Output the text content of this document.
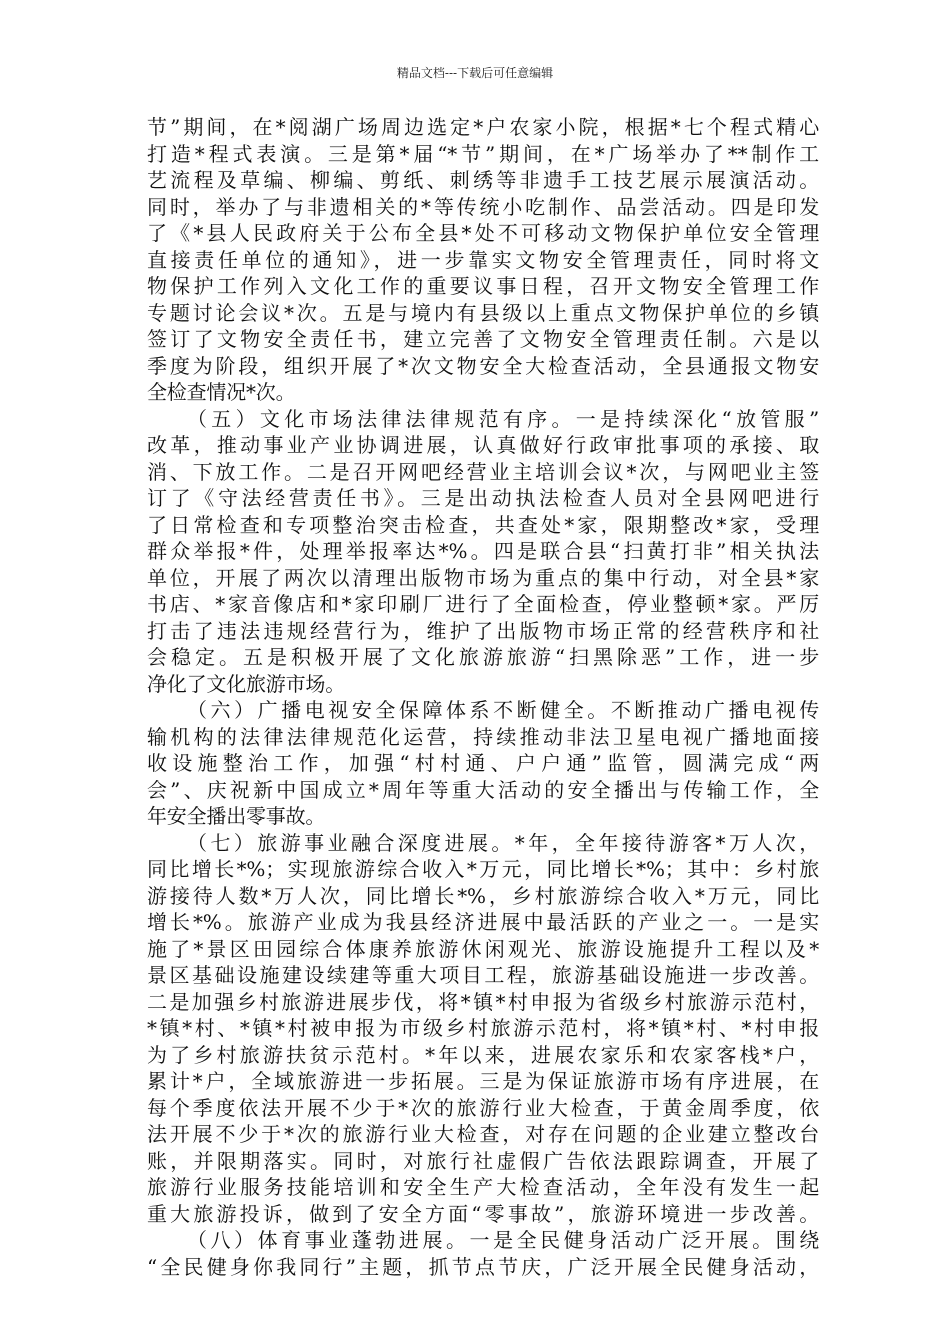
精品文档---下载后可任意编辑
节”期间，在*阅湖广场周边选定*户农家小院，根据*七个程式精心
打造*程式表演。三是第*届“*节”期间，在*广场举办了**制作工
艺流程及草编、柳编、剪纸、刺绣等非遗手工技艺展示展演活动。
同时，举办了与非遗相关的*等传统小吃制作、品尝活动。四是印发
了《*县人民政府关于公布全县*处不可移动文物保护单位安全管理
直接责任单位的通知》，进一步靠实文物安全管理责任，同时将文
物保护工作列入文化工作的重要议事日程，召开文物安全管理工作
专题讨论会议*次。五是与境内有县级以上重点文物保护单位的乡镇
签订了文物安全责任书，建立完善了文物安全管理责任制。六是以
季度为阶段，组织开展了*次文物安全大检查活动，全县通报文物安
全检查情况*次。
（五）文化市场法律法律规范有序。一是持续深化“放管服”
改革，推动事业产业协调进展，认真做好行政审批事项的承接、取
消、下放工作。二是召开网吧经营业主培训会议*次，与网吧业主签
订了《守法经营责任书》。三是出动执法检查人员对全县网吧进行
了日常检查和专项整治突击检查，共查处*家，限期整改*家，受理
群众举报*件，处理举报率达*%。四是联合县“扫黄打非”相关执法
单位，开展了两次以清理出版物市场为重点的集中行动，对全县*家
书店、*家音像店和*家印刷厂进行了全面检查，停业整顿*家。严厉
打击了违法违规经营行为，维护了出版物市场正常的经营秩序和社
会稳定。五是积极开展了文化旅游旅游“扫黑除恶”工作，进一步
净化了文化旅游市场。
（六）广播电视安全保障体系不断健全。不断推动广播电视传
输机构的法律法律规范化运营，持续推动非法卫星电视广播地面接
收设施整治工作，加强“村村通、户户通”监管，圆满完成“两
会”、庆祝新中国成立*周年等重大活动的安全播出与传输工作，全
年安全播出零事故。
（七）旅游事业融合深度进展。*年，全年接待游客*万人次，
同比增长*%；实现旅游综合收入*万元，同比增长*%；其中：乡村旅
游接待人数*万人次，同比增长*%，乡村旅游综合收入*万元，同比
增长*%。旅游产业成为我县经济进展中最活跃的产业之一。一是实
施了*景区田园综合体康养旅游休闲观光、旅游设施提升工程以及*
景区基础设施建设续建等重大项目工程，旅游基础设施进一步改善。
二是加强乡村旅游进展步伐，将*镇*村申报为省级乡村旅游示范村，
*镇*村、*镇*村被申报为市级乡村旅游示范村，将*镇*村、*村申报
为了乡村旅游扶贫示范村。*年以来，进展农家乐和农家客栈*户，
累计*户，全域旅游进一步拓展。三是为保证旅游市场有序进展，在
每个季度依法开展不少于*次的旅游行业大检查，于黄金周季度，依
法开展不少于*次的旅游行业大检查，对存在问题的企业建立整改台
账，并限期落实。同时，对旅行社虚假广告依法跟踪调查，开展了
旅游行业服务技能培训和安全生产大检查活动，全年没有发生一起
重大旅游投诉，做到了安全方面“零事故”，旅游环境进一步改善。
（八）体育事业蓬勃进展。一是全民健身活动广泛开展。围绕
“全民健身你我同行”主题，抓节点节庆，广泛开展全民健身活动，
